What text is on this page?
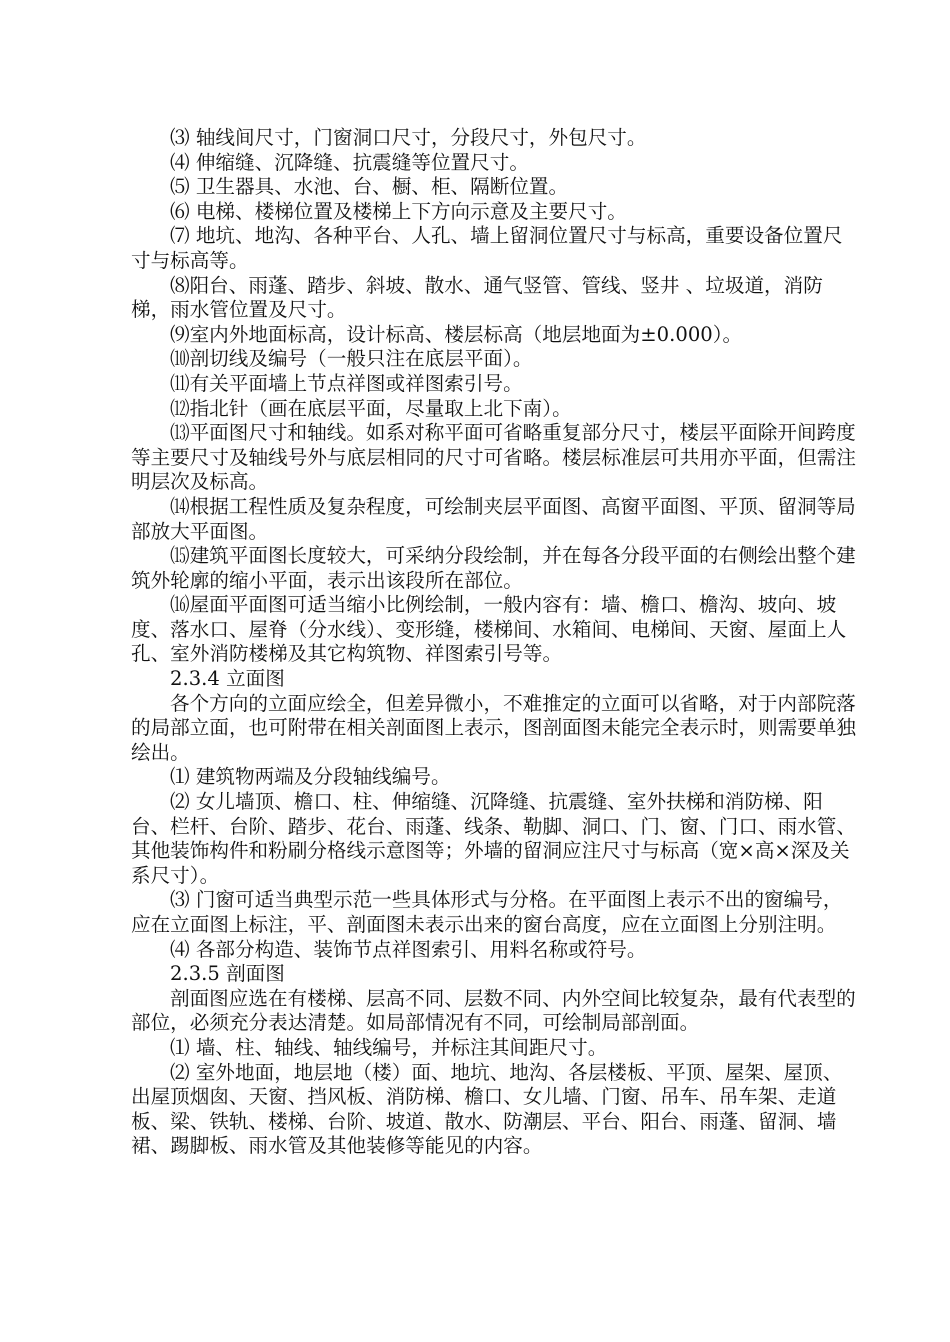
⑶ 轴线间尺寸，门窗洞口尺寸，分段尺寸，外包尺寸。

⑷ 伸缩缝、沉降缝、抗震缝等位置尺寸。

⑸ 卫生器具、水池、台、橱、柜、隔断位置。

⑹ 电梯、楼梯位置及楼梯上下方向示意及主要尺寸。

⑺ 地坑、地沟、各种平台、人孔、墙上留洞位置尺寸与标高，重要设备位置尺寸与标高等。

⑻阳台、雨蓬、踏步、斜坡、散水、通气竖管、管线、竖井 、垃圾道，消防梯，雨水管位置及尺寸。

⑼室内外地面标高，设计标高、楼层标高（地层地面为±0.000）。

⑽剖切线及编号（一般只注在底层平面）。

⑾有关平面墙上节点祥图或祥图索引号。

⑿指北针（画在底层平面，尽量取上北下南）。

⒀平面图尺寸和轴线。如系对称平面可省略重复部分尺寸，楼层平面除开间跨度等主要尺寸及轴线号外与底层相同的尺寸可省略。楼层标准层可共用亦平面，但需注明层次及标高。

⒁根据工程性质及复杂程度，可绘制夹层平面图、高窗平面图、平顶、留洞等局部放大平面图。

⒂建筑平面图长度较大，可采纳分段绘制，并在每各分段平面的右侧绘出整个建筑外轮廓的缩小平面，表示出该段所在部位。

⒃屋面平面图可适当缩小比例绘制，一般内容有：墙、檐口、檐沟、坡向、坡度、落水口、屋脊（分水线）、变形缝，楼梯间、水箱间、电梯间、天窗、屋面上人孔、室外消防楼梯及其它构筑物、祥图索引号等。

2.3.4 立面图

各个方向的立面应绘全，但差异微小，不难推定的立面可以省略，对于内部院落的局部立面，也可附带在相关剖面图上表示，图剖面图未能完全表示时，则需要单独绘出。

⑴ 建筑物两端及分段轴线编号。

⑵ 女儿墙顶、檐口、柱、伸缩缝、沉降缝、抗震缝、室外扶梯和消防梯、阳台、栏杆、台阶、踏步、花台、雨蓬、线条、勒脚、洞口、门、窗、门口、雨水管、其他装饰构件和粉刷分格线示意图等；外墙的留洞应注尺寸与标高（宽×高×深及关系尺寸）。

⑶ 门窗可适当典型示范一些具体形式与分格。在平面图上表示不出的窗编号，应在立面图上标注，平、剖面图未表示出来的窗台高度，应在立面图上分别注明。

⑷ 各部分构造、装饰节点祥图索引、用料名称或符号。

2.3.5 剖面图

剖面图应选在有楼梯、层高不同、层数不同、内外空间比较复杂，最有代表型的部位，必须充分表达清楚。如局部情况有不同，可绘制局部剖面。

⑴ 墙、柱、轴线、轴线编号，并标注其间距尺寸。

⑵ 室外地面，地层地（楼）面、地坑、地沟、各层楼板、平顶、屋架、屋顶、出屋顶烟囱、天窗、挡风板、消防梯、檐口、女儿墙、门窗、吊车、吊车架、走道板、梁、铁轨、楼梯、台阶、坡道、散水、防潮层、平台、阳台、雨蓬、留洞、墙裙、踢脚板、雨水管及其他装修等能见的内容。
